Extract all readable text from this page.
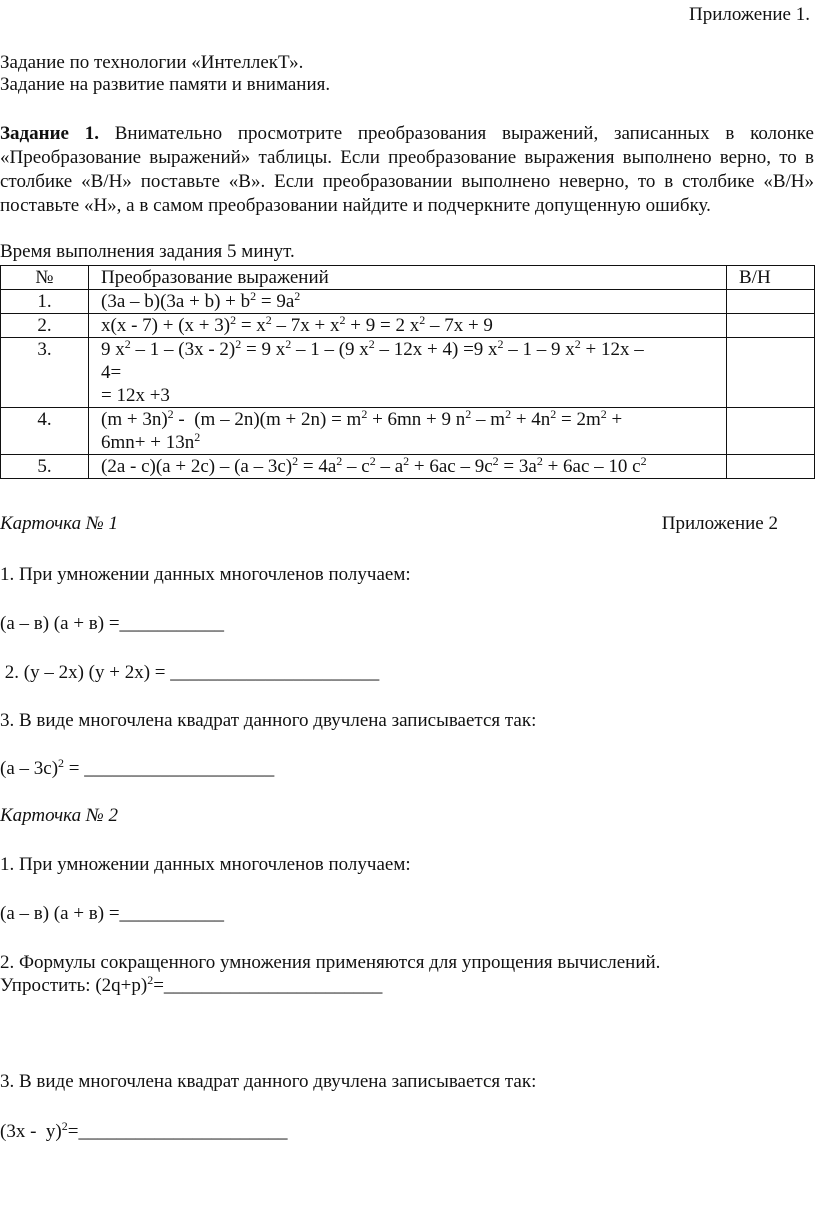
Приложение 1.
Задание по технологии «ИнтеллекТ».
Задание на развитие памяти и внимания.
Задание 1. Внимательно просмотрите преобразования выражений, записанных в колонке «Преобразование выражений» таблицы. Если преобразование выражения выполнено верно, то в столбике «В/Н» поставьте «В». Если преобразовании выполнено неверно, то в столбике «В/Н» поставьте «Н», а в самом преобразовании найдите и подчеркните допущенную ошибку.
Время выполнения задания 5 минут.
№	Преобразование выражений	В/Н
1.	$(3a - b)(3a + b) + b^2 = 9a^2$	
2.	$x(x - 7) + (x + 3)^2 = x^2 - 7x + x^2 + 9 = 2$ $x^2 - 7x + 9$	
3.	9 $x^2 - 1 - (3x - 2)^2 = 9$ $x^2 - 1 - (9$ $x^2 - 12x + 4) =9$ $x^2 - 1 - 9$ $x^2 + 12x$ –
4=
= 12x +3	
4.	$(m + 3n)^2 - (m - 2n)(m + 2n) = m^2 + 6mn + 9$ $n^2 - m^2 + 4n^2 = 2m^2$ +
$6mn+ + 13n^2$	
5.	$(2a - c)(a + 2c) - (a - 3c)^2 = 4a^2 - c^2 - a^2 + 6ac - 9c^2 = 3a^2 + 6ac - 10$ $c^2$	
Карточка № 1	Приложение 2
1. При умножении данных многочленов получаем:
(а – в) (а + в) =___________
2. (у – 2х) (у + 2х) = ______________________
3. В виде многочлена квадрат данного двучлена записывается так:
(а – 3с)$^2$ = ____________________
Карточка № 2
1. При умножении данных многочленов получаем:
(а – в) (а + в) =___________
2. Формулы сокращенного умножения применяются для упрощения вычислений.
Упростить: $(2q+p)^2=\_\_\_\_\_\_\_\_\_\_\_\_\_\_\_\_\_\_\_\_\_\_\_$
3. В виде многочлена квадрат данного двучлена записывается так:
(3х -  у)$^2$=______________________
